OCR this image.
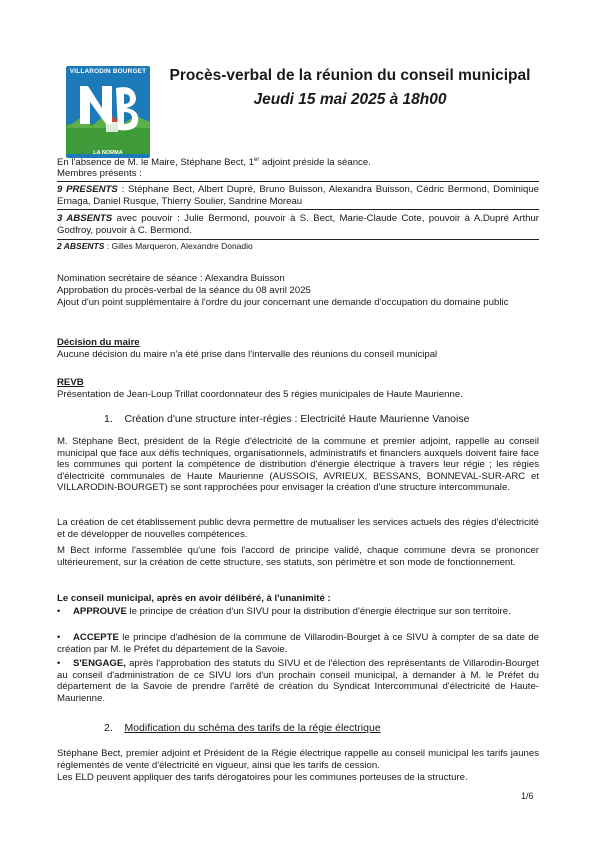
VILLARODIN BOURGET
LA NORMA
Procès-verbal de la réunion du conseil municipal
Jeudi 15 mai 2025 à 18h00
En l'absence de M. le Maire, Stéphane Bect, 1er adjoint préside la séance.
Membres présents :
9 PRESENTS : Stéphane Bect, Albert Dupré, Bruno Buisson, Alexandra Buisson, Cédric Bermond, Dominique Ernaga, Daniel Rusque, Thierry Soulier, Sandrine Moreau
3 ABSENTS avec pouvoir : Julie Bermond, pouvoir à S. Bect, Marie-Claude Cote, pouvoir à A.Dupré Arthur Godfroy, pouvoir à C. Bermond.
2 ABSENTS : Gilles Marqueron, Alexandre Donadio
Nomination secrétaire de séance : Alexandra Buisson
Approbation du procès-verbal de la séance du 08 avril 2025
Ajout d'un point supplémentaire à l'ordre du jour concernant une demande d'occupation du domaine public
Décision du maire
Aucune décision du maire n'a été prise dans l'intervalle des réunions du conseil municipal
REVB
Présentation de Jean-Loup Trillat coordonnateur des 5 régies municipales de Haute Maurienne.
1. Création d'une structure inter-régies : Electricité Haute Maurienne Vanoise
M. Stéphane Bect, président de la Régie d'électricité de la commune et premier adjoint, rappelle au conseil municipal que face aux défis techniques, organisationnels, administratifs et financiers auxquels doivent faire face les communes qui portent la compétence de distribution d'énergie électrique à travers leur régie ; les régies d'électricité communales de Haute Maurienne (AUSSOIS, AVRIEUX, BESSANS, BONNEVAL-SUR-ARC et VILLARODIN-BOURGET) se sont rapprochées pour envisager la création d'une structure intercommunale.
La création de cet établissement public devra permettre de mutualiser les services actuels des régies d'électricité et de développer de nouvelles compétences.
M Bect informe l'assemblée qu'une fois l'accord de principe validé, chaque commune devra se prononcer ultérieurement, sur la création de cette structure, ses statuts, son périmètre et son mode de fonctionnement.
Le conseil municipal, après en avoir délibéré, à l'unanimité :
• APPROUVE le principe de création d'un SIVU pour la distribution d'énergie électrique sur son territoire.
• ACCEPTE le principe d'adhésion de la commune de Villarodin-Bourget à ce SIVU à compter de sa date de création par M. le Préfet du département de la Savoie.
• S'ENGAGE, après l'approbation des statuts du SIVU et de l'élection des représentants de Villarodin-Bourget au conseil d'administration de ce SIVU lors d'un prochain conseil municipal, à demander à M. le Préfet du département de la Savoie de prendre l'arrêté de création du Syndicat Intercommunal d'électricité de Haute-Maurienne.
2. Modification du schéma des tarifs de la régie électrique
Stéphane Bect, premier adjoint et Président de la Régie électrique rappelle au conseil municipal les tarifs jaunes réglementés de vente d'électricité en vigueur, ainsi que les tarifs de cession.
Les ELD peuvent appliquer des tarifs dérogatoires pour les communes porteuses de la structure.
1/6
